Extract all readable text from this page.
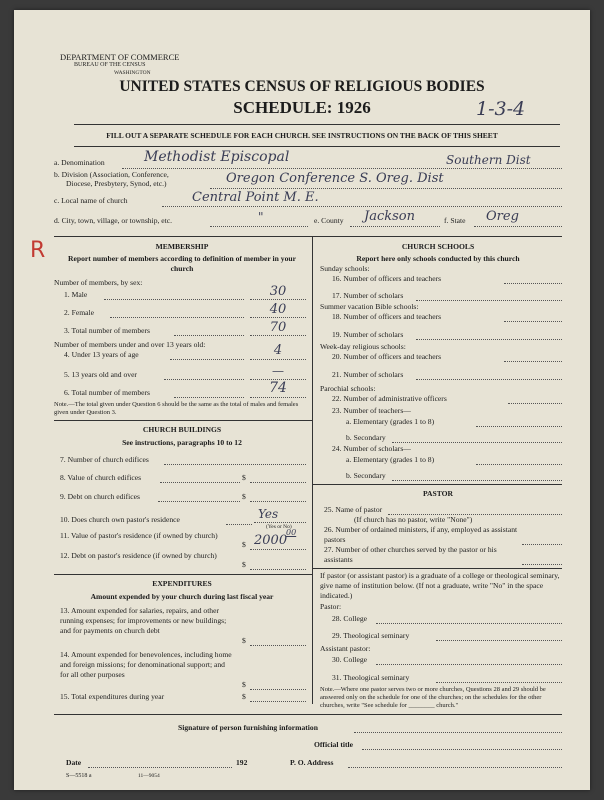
DEPARTMENT OF COMMERCE
BUREAU OF THE CENSUS
WASHINGTON
UNITED STATES CENSUS OF RELIGIOUS BODIES
SCHEDULE: 1926	1-3-4
FILL OUT A SEPARATE SCHEDULE FOR EACH CHURCH. SEE INSTRUCTIONS ON THE BACK OF THIS SHEET
a. Denomination	Methodist Episcopal	Southern Dist
b. Division (Association, Conference,
Diocese, Presbytery, Synod, etc.)	Oregon Conference S. Oreg. Dist
c. Local name of church	Central Point M. E.
d. City, town, village, or township, etc.	"	e. County Jackson	f. State Oreg
R	MEMBERSHIP
Report number of members according to definition of member in your church
Number of members, by sex:
1. Male	30
2. Female	40
3. Total number of members	70
Number of members under and over 13 years old:
4. Under 13 years of age	4
5. 13 years old and over	—
6. Total number of members	74
Note.—The total given under Question 6 should be the same as the total of males and females given under Question 3.
CHURCH BUILDINGS
See instructions, paragraphs 10 to 12
7. Number of church edifices
8. Value of church edifices	$
9. Debt on church edifices	$
10. Does church own pastor's residence	Yes
(Yes or No)
11. Value of pastor's residence (if owned by church)
$ 2000
00
12. Debt on pastor's residence (if owned by church)
$
EXPENDITURES
Amount expended by your church during last fiscal year
13. Amount expended for salaries, repairs, and other running expenses; for improvements or new buildings; and for payments on church debt
$
14. Amount expended for benevolences, including home and foreign missions; for denominational support; and for all other purposes
$
15. Total expenditures during year	$
CHURCH SCHOOLS
Report here only schools conducted by this church
Sunday schools:
16. Number of officers and teachers
17. Number of scholars
Summer vacation Bible schools:
18. Number of officers and teachers
19. Number of scholars
Week-day religious schools:
20. Number of officers and teachers
21. Number of scholars
Parochial schools:
22. Number of administrative officers
23. Number of teachers—
a. Elementary (grades 1 to 8)
b. Secondary
24. Number of scholars—
a. Elementary (grades 1 to 8)
b. Secondary
PASTOR
25. Name of pastor
(If church has no pastor, write "None")
26. Number of ordained ministers, if any, employed as assistant pastors
27. Number of other churches served by the pastor or his assistants
If pastor (or assistant pastor) is a graduate of a college or theological seminary, give name of institution below. (If not a graduate, write "No" in the space indicated.)
Pastor:
28. College
29. Theological seminary
Assistant pastor:
30. College
31. Theological seminary
Note.—Where one pastor serves two or more churches, Questions 28 and 29 should be answered only on the schedule for one of the churches; on the schedules for the other churches, write "See schedule for ________ church."
Signature of person furnishing information
Official title
Date	192	P. O. Address
S—5518 a	11—9054
